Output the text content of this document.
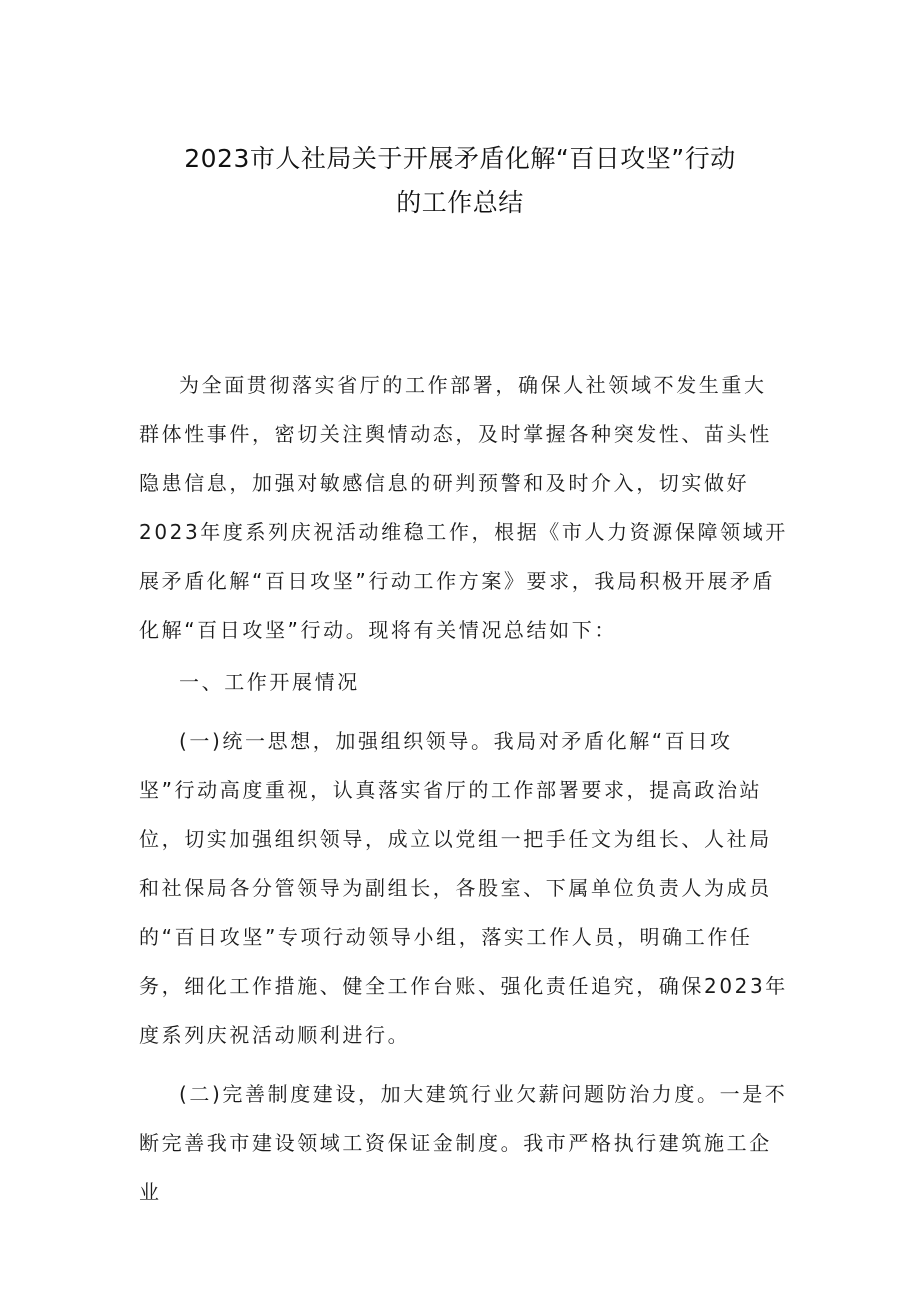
2023市人社局关于开展矛盾化解“百日攻坚”行动
的工作总结

为全面贯彻落实省厅的工作部署，确保人社领域不发生重大群体性事件，密切关注舆情动态，及时掌握各种突发性、苗头性隐患信息，加强对敏感信息的研判预警和及时介入，切实做好2023年度系列庆祝活动维稳工作，根据《市人力资源保障领域开展矛盾化解“百日攻坚”行动工作方案》要求，我局积极开展矛盾化解“百日攻坚”行动。现将有关情况总结如下：

一、工作开展情况

(一)统一思想，加强组织领导。我局对矛盾化解“百日攻坚”行动高度重视，认真落实省厅的工作部署要求，提高政治站位，切实加强组织领导，成立以党组一把手任文为组长、人社局和社保局各分管领导为副组长，各股室、下属单位负责人为成员的“百日攻坚”专项行动领导小组，落实工作人员，明确工作任务，细化工作措施、健全工作台账、强化责任追究，确保2023年度系列庆祝活动顺利进行。

(二)完善制度建设，加大建筑行业欠薪问题防治力度。一是不断完善我市建设领域工资保证金制度。我市严格执行建筑施工企业
